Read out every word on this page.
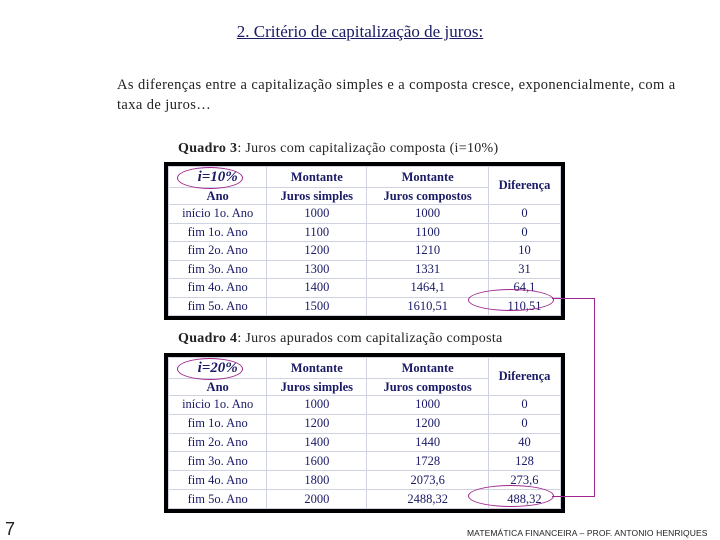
2. Critério de capitalização de juros:
As diferenças entre a capitalização simples e a composta cresce, exponencialmente, com a taxa de juros…
Quadro 3: Juros com capitalização composta (i=10%)
i=10%	Montante	Montante	Diferença
Ano	Juros simples	Juros compostos	
início 1o. Ano	1000	1000	0
fim 1o. Ano	1100	1100	0
fim 2o. Ano	1200	1210	10
fim 3o. Ano	1300	1331	31
fim 4o. Ano	1400	1464,1	64,1
fim 5o. Ano	1500	1610,51	110,51
Quadro 4: Juros apurados com capitalização composta
i=20%	Montante	Montante	Diferença
Ano	Juros simples	Juros compostos	
início 1o. Ano	1000	1000	0
fim 1o. Ano	1200	1200	0
fim 2o. Ano	1400	1440	40
fim 3o. Ano	1600	1728	128
fim 4o. Ano	1800	2073,6	273,6
fim 5o. Ano	2000	2488,32	488,32
7	MATEMÁTICA FINANCEIRA – PROF. ANTONIO HENRIQUES
